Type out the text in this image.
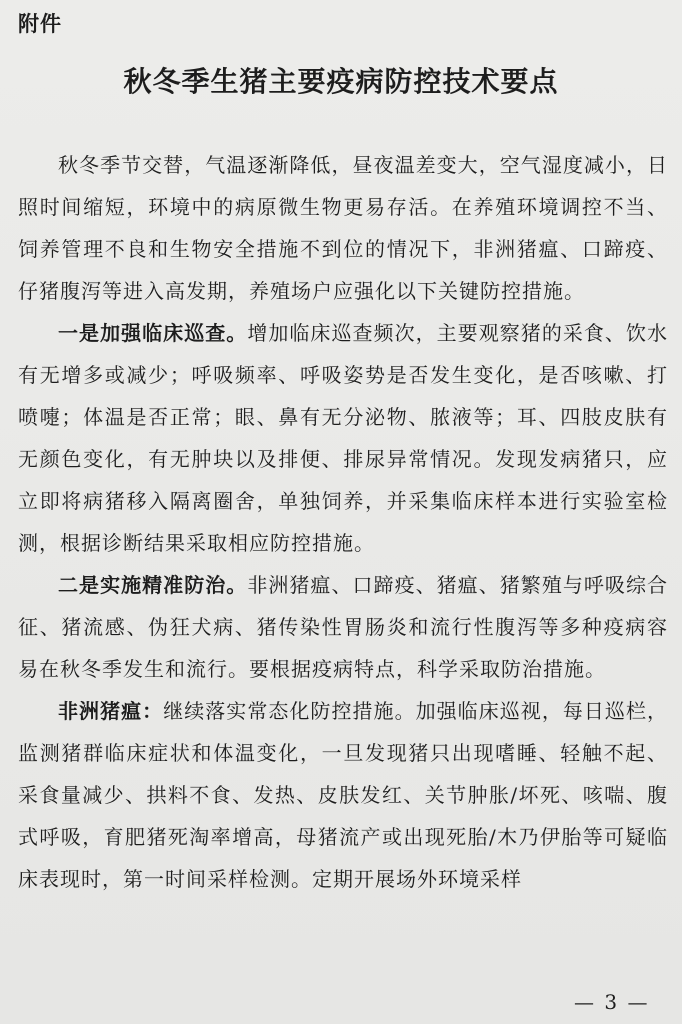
附件
秋冬季生猪主要疫病防控技术要点

秋冬季节交替，气温逐渐降低，昼夜温差变大，空气湿度减小，日照时间缩短，环境中的病原微生物更易存活。在养殖环境调控不当、饲养管理不良和生物安全措施不到位的情况下，非洲猪瘟、口蹄疫、仔猪腹泻等进入高发期，养殖场户应强化以下关键防控措施。

一是加强临床巡查。增加临床巡查频次，主要观察猪的采食、饮水有无增多或减少；呼吸频率、呼吸姿势是否发生变化，是否咳嗽、打喷嚏；体温是否正常；眼、鼻有无分泌物、脓液等；耳、四肢皮肤有无颜色变化，有无肿块以及排便、排尿异常情况。发现发病猪只，应立即将病猪移入隔离圈舍，单独饲养，并采集临床样本进行实验室检测，根据诊断结果采取相应防控措施。

二是实施精准防治。非洲猪瘟、口蹄疫、猪瘟、猪繁殖与呼吸综合征、猪流感、伪狂犬病、猪传染性胃肠炎和流行性腹泻等多种疫病容易在秋冬季发生和流行。要根据疫病特点，科学采取防治措施。

非洲猪瘟：继续落实常态化防控措施。加强临床巡视，每日巡栏，监测猪群临床症状和体温变化，一旦发现猪只出现嗜睡、轻触不起、采食量减少、拱料不食、发热、皮肤发红、关节肿胀/坏死、咳喘、腹式呼吸，育肥猪死淘率增高，母猪流产或出现死胎/木乃伊胎等可疑临床表现时，第一时间采样检测。定期开展场外环境采样

— 3 —
